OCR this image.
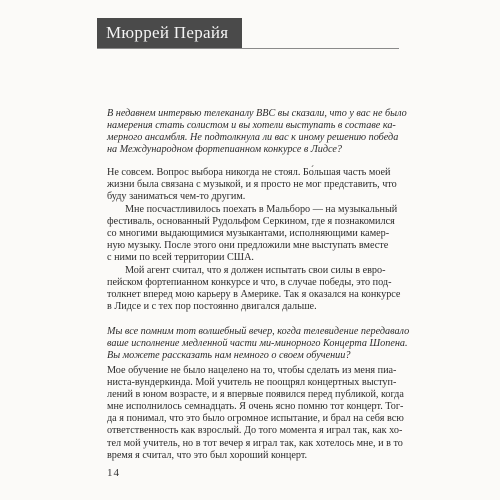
Мюррей Перайя
В недавнем интервью телеканалу BBC вы сказали, что у вас не было
намерения стать солистом и вы хотели выступать в составе ка-
мерного ансамбля. Не подтолкнула ли вас к иному решению победа
на Международном фортепианном конкурсе в Лидсе?
Не совсем. Вопрос выбора никогда не стоял. Бо́льшая часть моей
жизни была связана с музыкой, и я просто не мог представить, что
буду заниматься чем-то другим.
Мне посчастливилось поехать в Мальборо — на музыкальный
фестиваль, основанный Рудольфом Серкином, где я познакомился
со многими выдающимися музыкантами, исполняющими камер-
ную музыку. После этого они предложили мне выступать вместе
с ними по всей территории США.
Мой агент считал, что я должен испытать свои силы в евро-
пейском фортепианном конкурсе и что, в случае победы, это под-
толкнет вперед мою карьеру в Америке. Так я оказался на конкурсе
в Лидсе и с тех пор постоянно двигался дальше.
Мы все помним тот волшебный вечер, когда телевидение передавало
ваше исполнение медленной части ми-минорного Концерта Шопена.
Вы можете рассказать нам немного о своем обучении?
Мое обучение не было нацелено на то, чтобы сделать из меня пиа-
ниста-вундеркинда. Мой учитель не поощрял концертных выступ-
лений в юном возрасте, и я впервые появился перед публикой, когда
мне исполнилось семнадцать. Я очень ясно помню тот концерт. Тог-
да я понимал, что это было огромное испытание, и брал на себя всю
ответственность как взрослый. До того момента я играл так, как хо-
тел мой учитель, но в тот вечер я играл так, как хотелось мне, и в то
время я считал, что это был хороший концерт.
14
